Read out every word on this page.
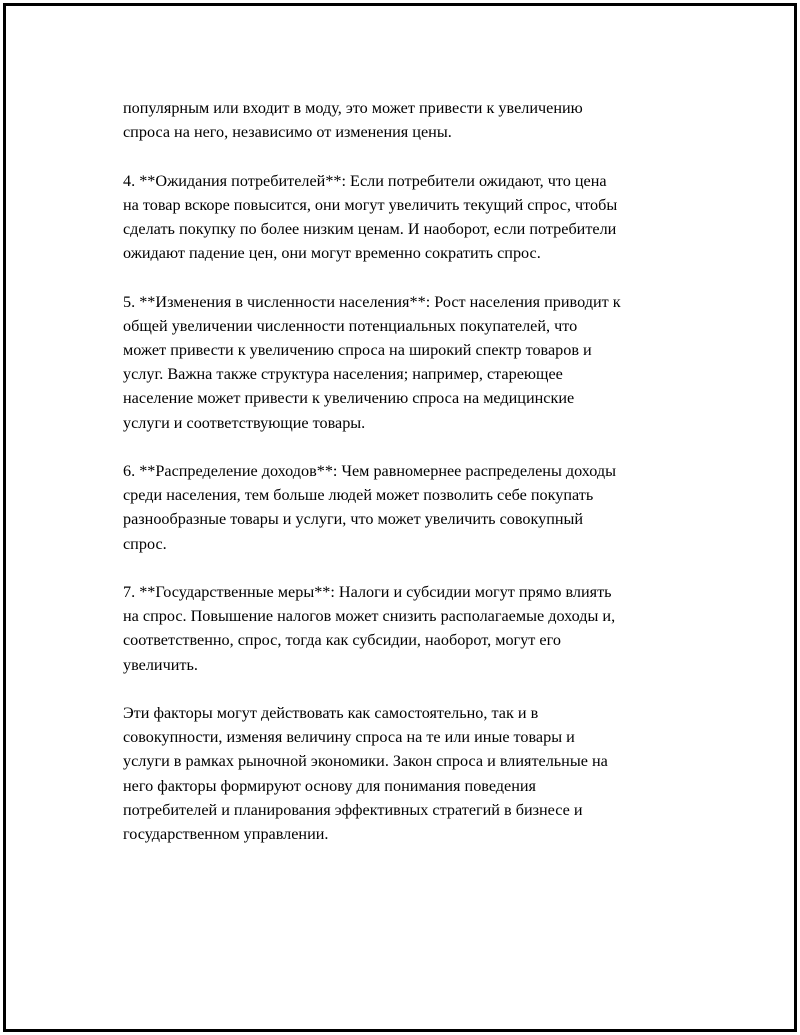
популярным или входит в моду, это может привести к увеличению
спроса на него, независимо от изменения цены.

4. **Ожидания потребителей**: Если потребители ожидают, что цена
на товар вскоре повысится, они могут увеличить текущий спрос, чтобы
сделать покупку по более низким ценам. И наоборот, если потребители
ожидают падение цен, они могут временно сократить спрос.

5. **Изменения в численности населения**: Рост населения приводит к
общей увеличении численности потенциальных покупателей, что
может привести к увеличению спроса на широкий спектр товаров и
услуг. Важна также структура населения; например, стареющее
население может привести к увеличению спроса на медицинские
услуги и соответствующие товары.

6. **Распределение доходов**: Чем равномернее распределены доходы
среди населения, тем больше людей может позволить себе покупать
разнообразные товары и услуги, что может увеличить совокупный
спрос.

7. **Государственные меры**: Налоги и субсидии могут прямо влиять
на спрос. Повышение налогов может снизить располагаемые доходы и,
соответственно, спрос, тогда как субсидии, наоборот, могут его
увеличить.

Эти факторы могут действовать как самостоятельно, так и в
совокупности, изменяя величину спроса на те или иные товары и
услуги в рамках рыночной экономики. Закон спроса и влиятельные на
него факторы формируют основу для понимания поведения
потребителей и планирования эффективных стратегий в бизнесе и
государственном управлении.
